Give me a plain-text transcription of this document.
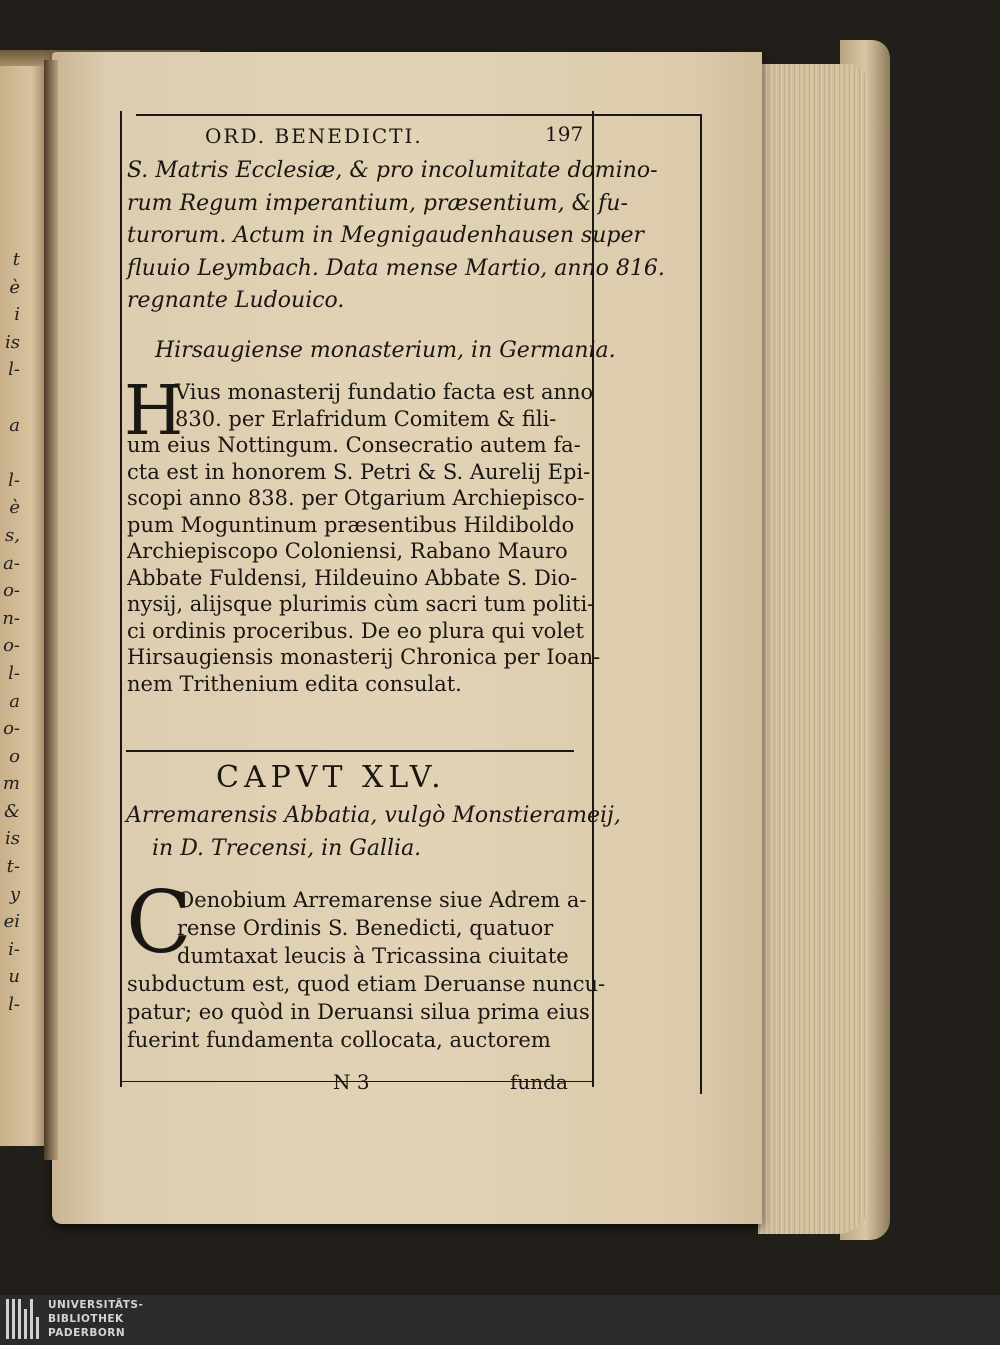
t
è
i
is
l-
a
l-
è
s,
a-
o-
n-
o-
l-
a
o-
o
m
&
is
t-
y
ei
i-
u
l-
ORD. BENEDICTI.	197
S. Matris Ecclesiæ, & pro incolumitate domino-
rum Regum imperantium, præsentium, & fu-
turorum. Actum in Megnigaudenhausen super
fluuio Leymbach. Data mense Martio, anno 816.
regnante Ludouico.
Hirsaugiense monasterium, in Germania.
H
Vius monasterij fundatio facta est anno
830. per Erlafridum Comitem & fili-
um eius Nottingum. Consecratio autem fa-
cta est in honorem S. Petri & S. Aurelij Epi-
scopi anno 838. per Otgarium Archiepisco-
pum Moguntinum præsentibus Hildiboldo
Archiepiscopo Coloniensi, Rabano Mauro
Abbate Fuldensi, Hildeuino Abbate S. Dio-
nysij, alijsque plurimis cùm sacri tum politi-
ci ordinis proceribus. De eo plura qui volet
Hirsaugiensis monasterij Chronica per Ioan-
nem Trithenium edita consulat.
CAPVT XLV.
Arremarensis Abbatia, vulgò Monstierameij,
in D. Trecensi, in Gallia.
C
Oenobium Arremarense siue Adrem a-
rense Ordinis S. Benedicti, quatuor
dumtaxat leucis à Tricassina ciuitate
subductum est, quod etiam Deruanse nuncu-
patur; eo quòd in Deruansi silua prima eius
fuerint fundamenta collocata, auctorem
N 3	funda
UNIVERSITÄTS-
BIBLIOTHEK
PADERBORN
